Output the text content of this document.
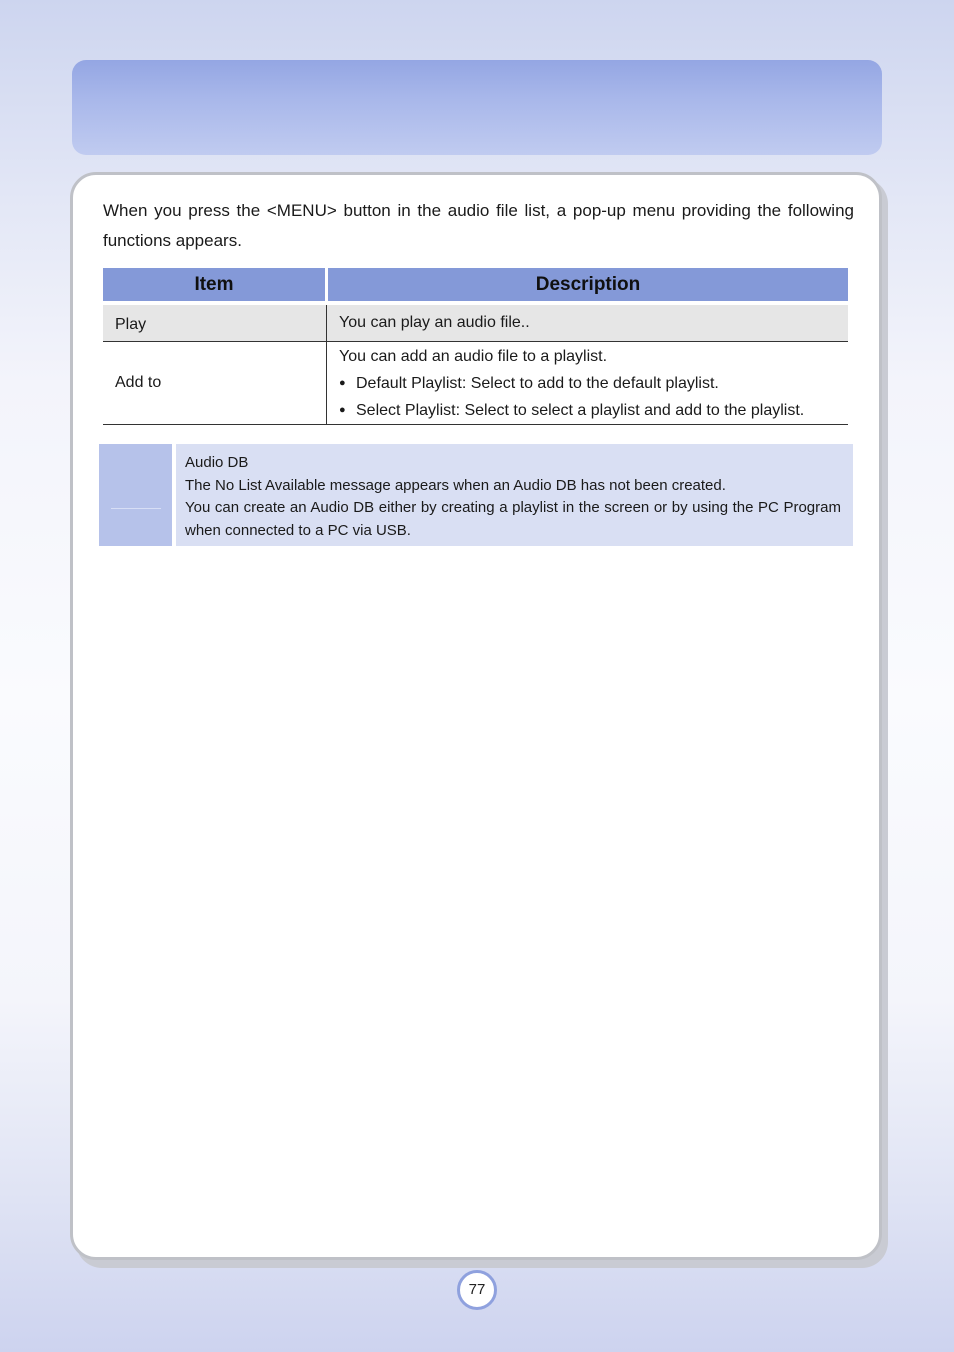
When you press the <MENU> button in the audio file list, a pop-up menu providing the following functions appears.

Item	Description
Play	You can play an audio file..
Add to	You can add an audio file to a playlist.
● Default Playlist: Select to add to the default playlist.
● Select Playlist: Select to select a playlist and add to the playlist.
Audio DB
The No List Available message appears when an Audio DB has not been created.
You can create an Audio DB either by creating a playlist in the screen or by using the PC Program when connected to a PC via USB.
77
